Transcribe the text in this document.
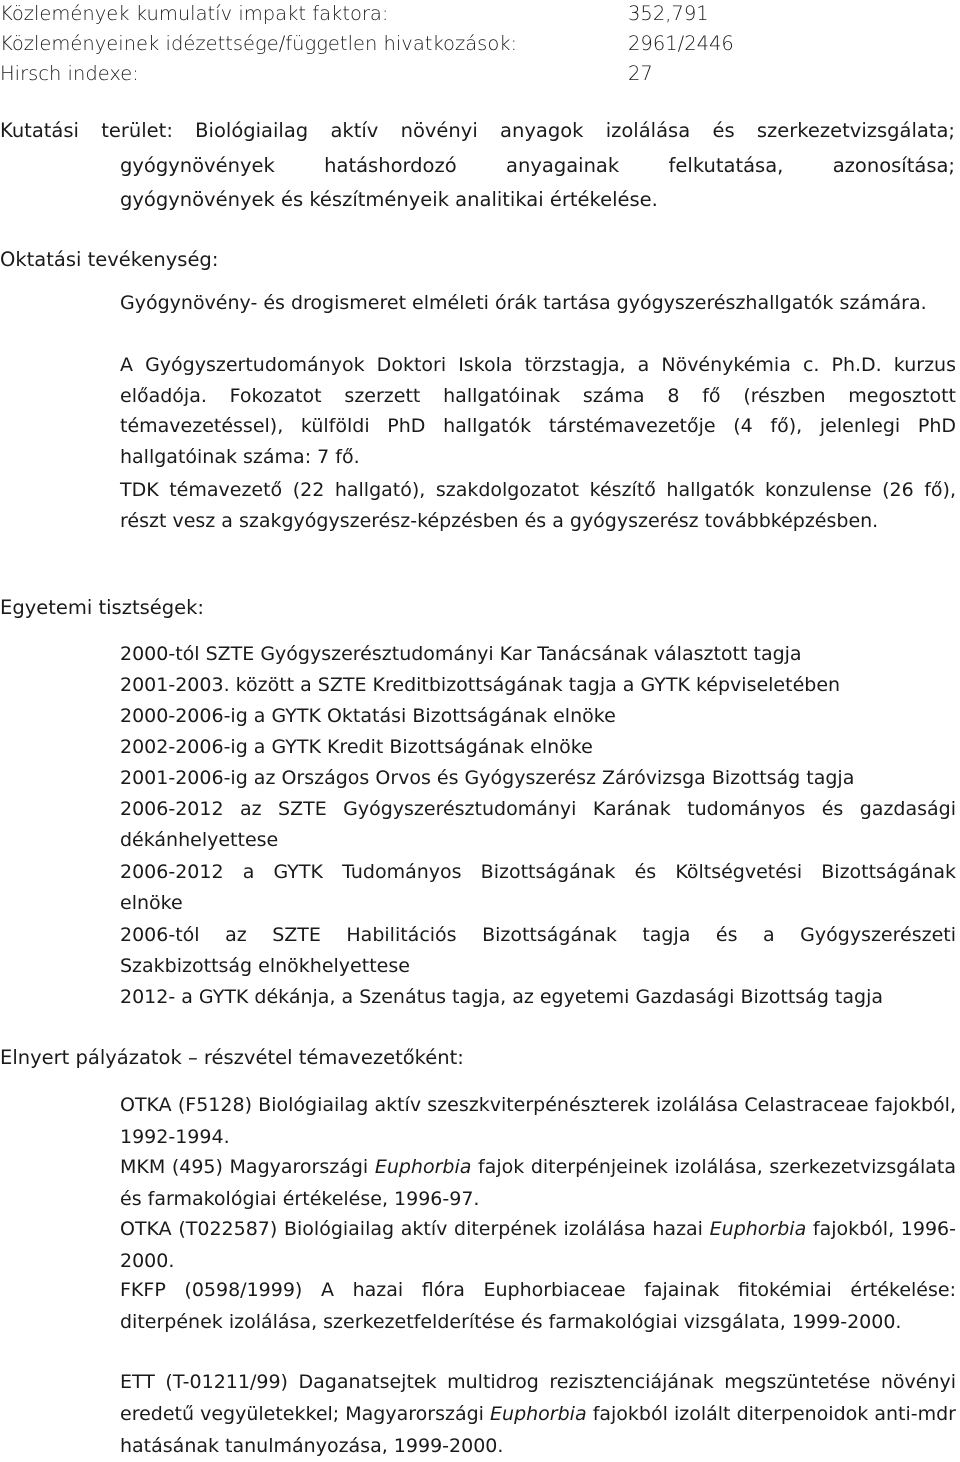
Közlemények kumulatív impakt faktora:	352,791
Közleményeinek idézettsége/független hivatkozások:	2961/2446
Hirsch indexe:	27
Kutatási terület: Biológiailag aktív növényi anyagok izolálása és szerkezetvizsgálata;
gyógynövények hatáshordozó anyagainak felkutatása, azonosítása;
gyógynövények és készítményeik analitikai értékelése.
Oktatási tevékenység:
Gyógynövény- és drogismeret elméleti órák tartása gyógyszerészhallgatók számára.
A Gyógyszertudományok Doktori Iskola törzstagja, a Növénykémia c. Ph.D. kurzus előadója. Fokozatot szerzett hallgatóinak száma 8 fő (részben megosztott témavezetéssel), külföldi PhD hallgatók társtémavezetője (4 fő), jelenlegi PhD hallgatóinak száma: 7 fő.
TDK témavezető (22 hallgató), szakdolgozatot készítő hallgatók konzulense (26 fő), részt vesz a szakgyógyszerész-képzésben és a gyógyszerész továbbképzésben.
Egyetemi tisztségek:
2000-tól SZTE Gyógyszerésztudományi Kar Tanácsának választott tagja
2001-2003. között a SZTE Kreditbizottságának tagja a GYTK képviseletében
2000-2006-ig a GYTK Oktatási Bizottságának elnöke
2002-2006-ig a GYTK Kredit Bizottságának elnöke
2001-2006-ig az Országos Orvos és Gyógyszerész Záróvizsga Bizottság tagja
2006-2012 az SZTE Gyógyszerésztudományi Karának tudományos és gazdasági
dékánhelyettese
2006-2012 a GYTK Tudományos Bizottságának és Költségvetési Bizottságának
elnöke
2006-tól az SZTE Habilitációs Bizottságának tagja és a Gyógyszerészeti
Szakbizottság elnökhelyettese
2012- a GYTK dékánja, a Szenátus tagja, az egyetemi Gazdasági Bizottság tagja
Elnyert pályázatok – részvétel témavezetőként:
OTKA (F5128) Biológiailag aktív szeszkviterpénészterek izolálása Celastraceae fajokból, 1992-1994.
MKM (495) Magyarországi Euphorbia fajok diterpénjeinek izolálása, szerkezetvizsgálata és farmakológiai értékelése, 1996-97.
OTKA (T022587) Biológiailag aktív diterpének izolálása hazai Euphorbia fajokból, 1996-2000.
FKFP (0598/1999) A hazai flóra Euphorbiaceae fajainak fitokémiai értékelése: diterpének izolálása, szerkezetfelderítése és farmakológiai vizsgálata, 1999-2000.
ETT (T-01211/99) Daganatsejtek multidrog rezisztenciájának megszüntetése növényi eredetű vegyületekkel; Magyarországi Euphorbia fajokból izolált diterpenoidok anti-mdr hatásának tanulmányozása, 1999-2000.
